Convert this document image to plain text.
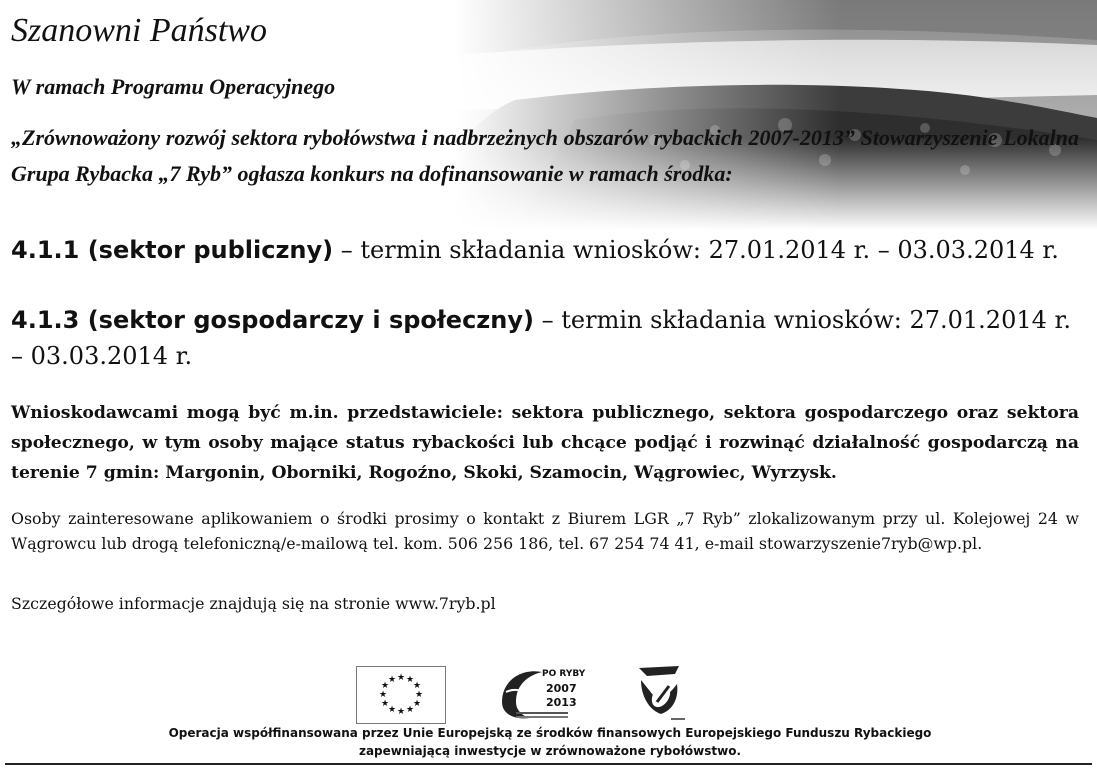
Szanowni Państwo

W ramach Programu Operacyjnego

„Zrównoważony rozwój sektora rybołówstwa i nadbrzeżnych obszarów rybackich 2007-2013” Stowarzyszenie Lokalna Grupa Rybacka „7 Ryb” ogłasza konkurs na dofinansowanie w ramach środka:

4.1.1 (sektor publiczny) – termin składania wniosków: 27.01.2014 r. – 03.03.2014 r.

4.1.3 (sektor gospodarczy i społeczny) – termin składania wniosków: 27.01.2014 r. – 03.03.2014 r.

Wnioskodawcami mogą być m.in. przedstawiciele: sektora publicznego, sektora gospodarczego oraz sektora społecznego, w tym osoby mające status rybackości lub chcące podjąć i rozwinąć działalność gospodarczą na terenie 7 gmin: Margonin, Oborniki, Rogoźno, Skoki, Szamocin, Wągrowiec, Wyrzysk.

Osoby zainteresowane aplikowaniem o środki prosimy o kontakt z Biurem LGR „7 Ryb” zlokalizowanym przy ul. Kolejowej 24 w Wągrowcu lub drogą telefoniczną/e-mailową tel. kom. 506 256 186, tel. 67 254 74 41, e-mail stowarzyszenie7ryb@wp.pl.

Szczegółowe informacje znajdują się na stronie www.7ryb.pl

★ ★
★
★
★
★
★
★
★
★
★
★
PO RYBY
2007
2013

Operacja współfinansowana przez Unie Europejską ze środków finansowych Europejskiego Funduszu Rybackiego
zapewniającą inwestycje w zrównoważone rybołówstwo.
